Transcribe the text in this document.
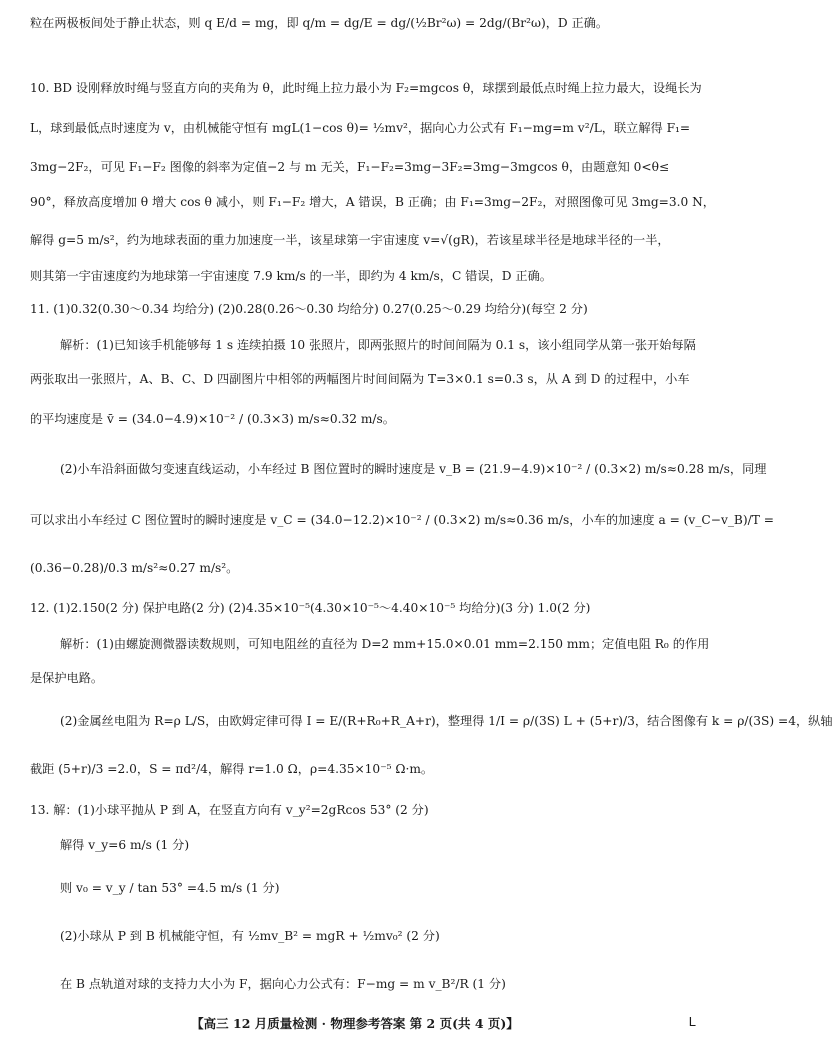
粒在两极板间处于静止状态，则 q E/d = mg，即 q/m = dg/E = dg/(½Br²ω) = 2dg/(Br²ω)，D 正确。
10. BD 设刚释放时绳与竖直方向的夹角为 θ，此时绳上拉力最小为 F₂=mgcos θ，球摆到最低点时绳上拉力最大，设绳长为
L，球到最低点时速度为 v，由机械能守恒有 mgL(1−cos θ)= ½mv²，据向心力公式有 F₁−mg=m v²/L，联立解得 F₁=
3mg−2F₂，可见 F₁−F₂ 图像的斜率为定值−2 与 m 无关，F₁−F₂=3mg−3F₂=3mg−3mgcos θ，由题意知 0<θ≤
90°，释放高度增加 θ 增大 cos θ 减小，则 F₁−F₂ 增大，A 错误，B 正确；由 F₁=3mg−2F₂，对照图像可见 3mg=3.0 N，
解得 g=5 m/s²，约为地球表面的重力加速度一半，该星球第一宇宙速度 v=√(gR)，若该星球半径是地球半径的一半，
则其第一宇宙速度约为地球第一宇宙速度 7.9 km/s 的一半，即约为 4 km/s，C 错误，D 正确。
11. (1)0.32(0.30～0.34 均给分) (2)0.28(0.26～0.30 均给分) 0.27(0.25～0.29 均给分)(每空 2 分)
解析：(1)已知该手机能够每 1 s 连续拍摄 10 张照片，即两张照片的时间间隔为 0.1 s，该小组同学从第一张开始每隔
两张取出一张照片，A、B、C、D 四副图片中相邻的两幅图片时间间隔为 T=3×0.1 s=0.3 s，从 A 到 D 的过程中，小车
的平均速度是 v̄ = (34.0−4.9)×10⁻² / (0.3×3) m/s≈0.32 m/s。
(2)小车沿斜面做匀变速直线运动，小车经过 B 图位置时的瞬时速度是 v_B = (21.9−4.9)×10⁻² / (0.3×2) m/s≈0.28 m/s，同理
可以求出小车经过 C 图位置时的瞬时速度是 v_C = (34.0−12.2)×10⁻² / (0.3×2) m/s≈0.36 m/s，小车的加速度 a = (v_C−v_B)/T =
(0.36−0.28)/0.3 m/s²≈0.27 m/s²。
12. (1)2.150(2 分) 保护电路(2 分) (2)4.35×10⁻⁵(4.30×10⁻⁵～4.40×10⁻⁵ 均给分)(3 分) 1.0(2 分)
解析：(1)由螺旋测微器读数规则，可知电阻丝的直径为 D=2 mm+15.0×0.01 mm=2.150 mm；定值电阻 R₀ 的作用
是保护电路。
(2)金属丝电阻为 R=ρ L/S，由欧姆定律可得 I = E/(R+R₀+R_A+r)，整理得 1/I = ρ/(3S) L + (5+r)/3，结合图像有 k = ρ/(3S) =4，纵轴
截距 (5+r)/3 =2.0，S = πd²/4，解得 r=1.0 Ω，ρ=4.35×10⁻⁵ Ω·m。
13. 解：(1)小球平抛从 P 到 A，在竖直方向有 v_y²=2gRcos 53° (2 分)
解得 v_y=6 m/s (1 分)
则 v₀ = v_y / tan 53° =4.5 m/s (1 分)
(2)小球从 P 到 B 机械能守恒，有 ½mv_B² = mgR + ½mv₀² (2 分)
在 B 点轨道对球的支持力大小为 F，据向心力公式有：F−mg = m v_B²/R (1 分)
【高三 12 月质量检测 · 物理参考答案 第 2 页(共 4 页)】	L
